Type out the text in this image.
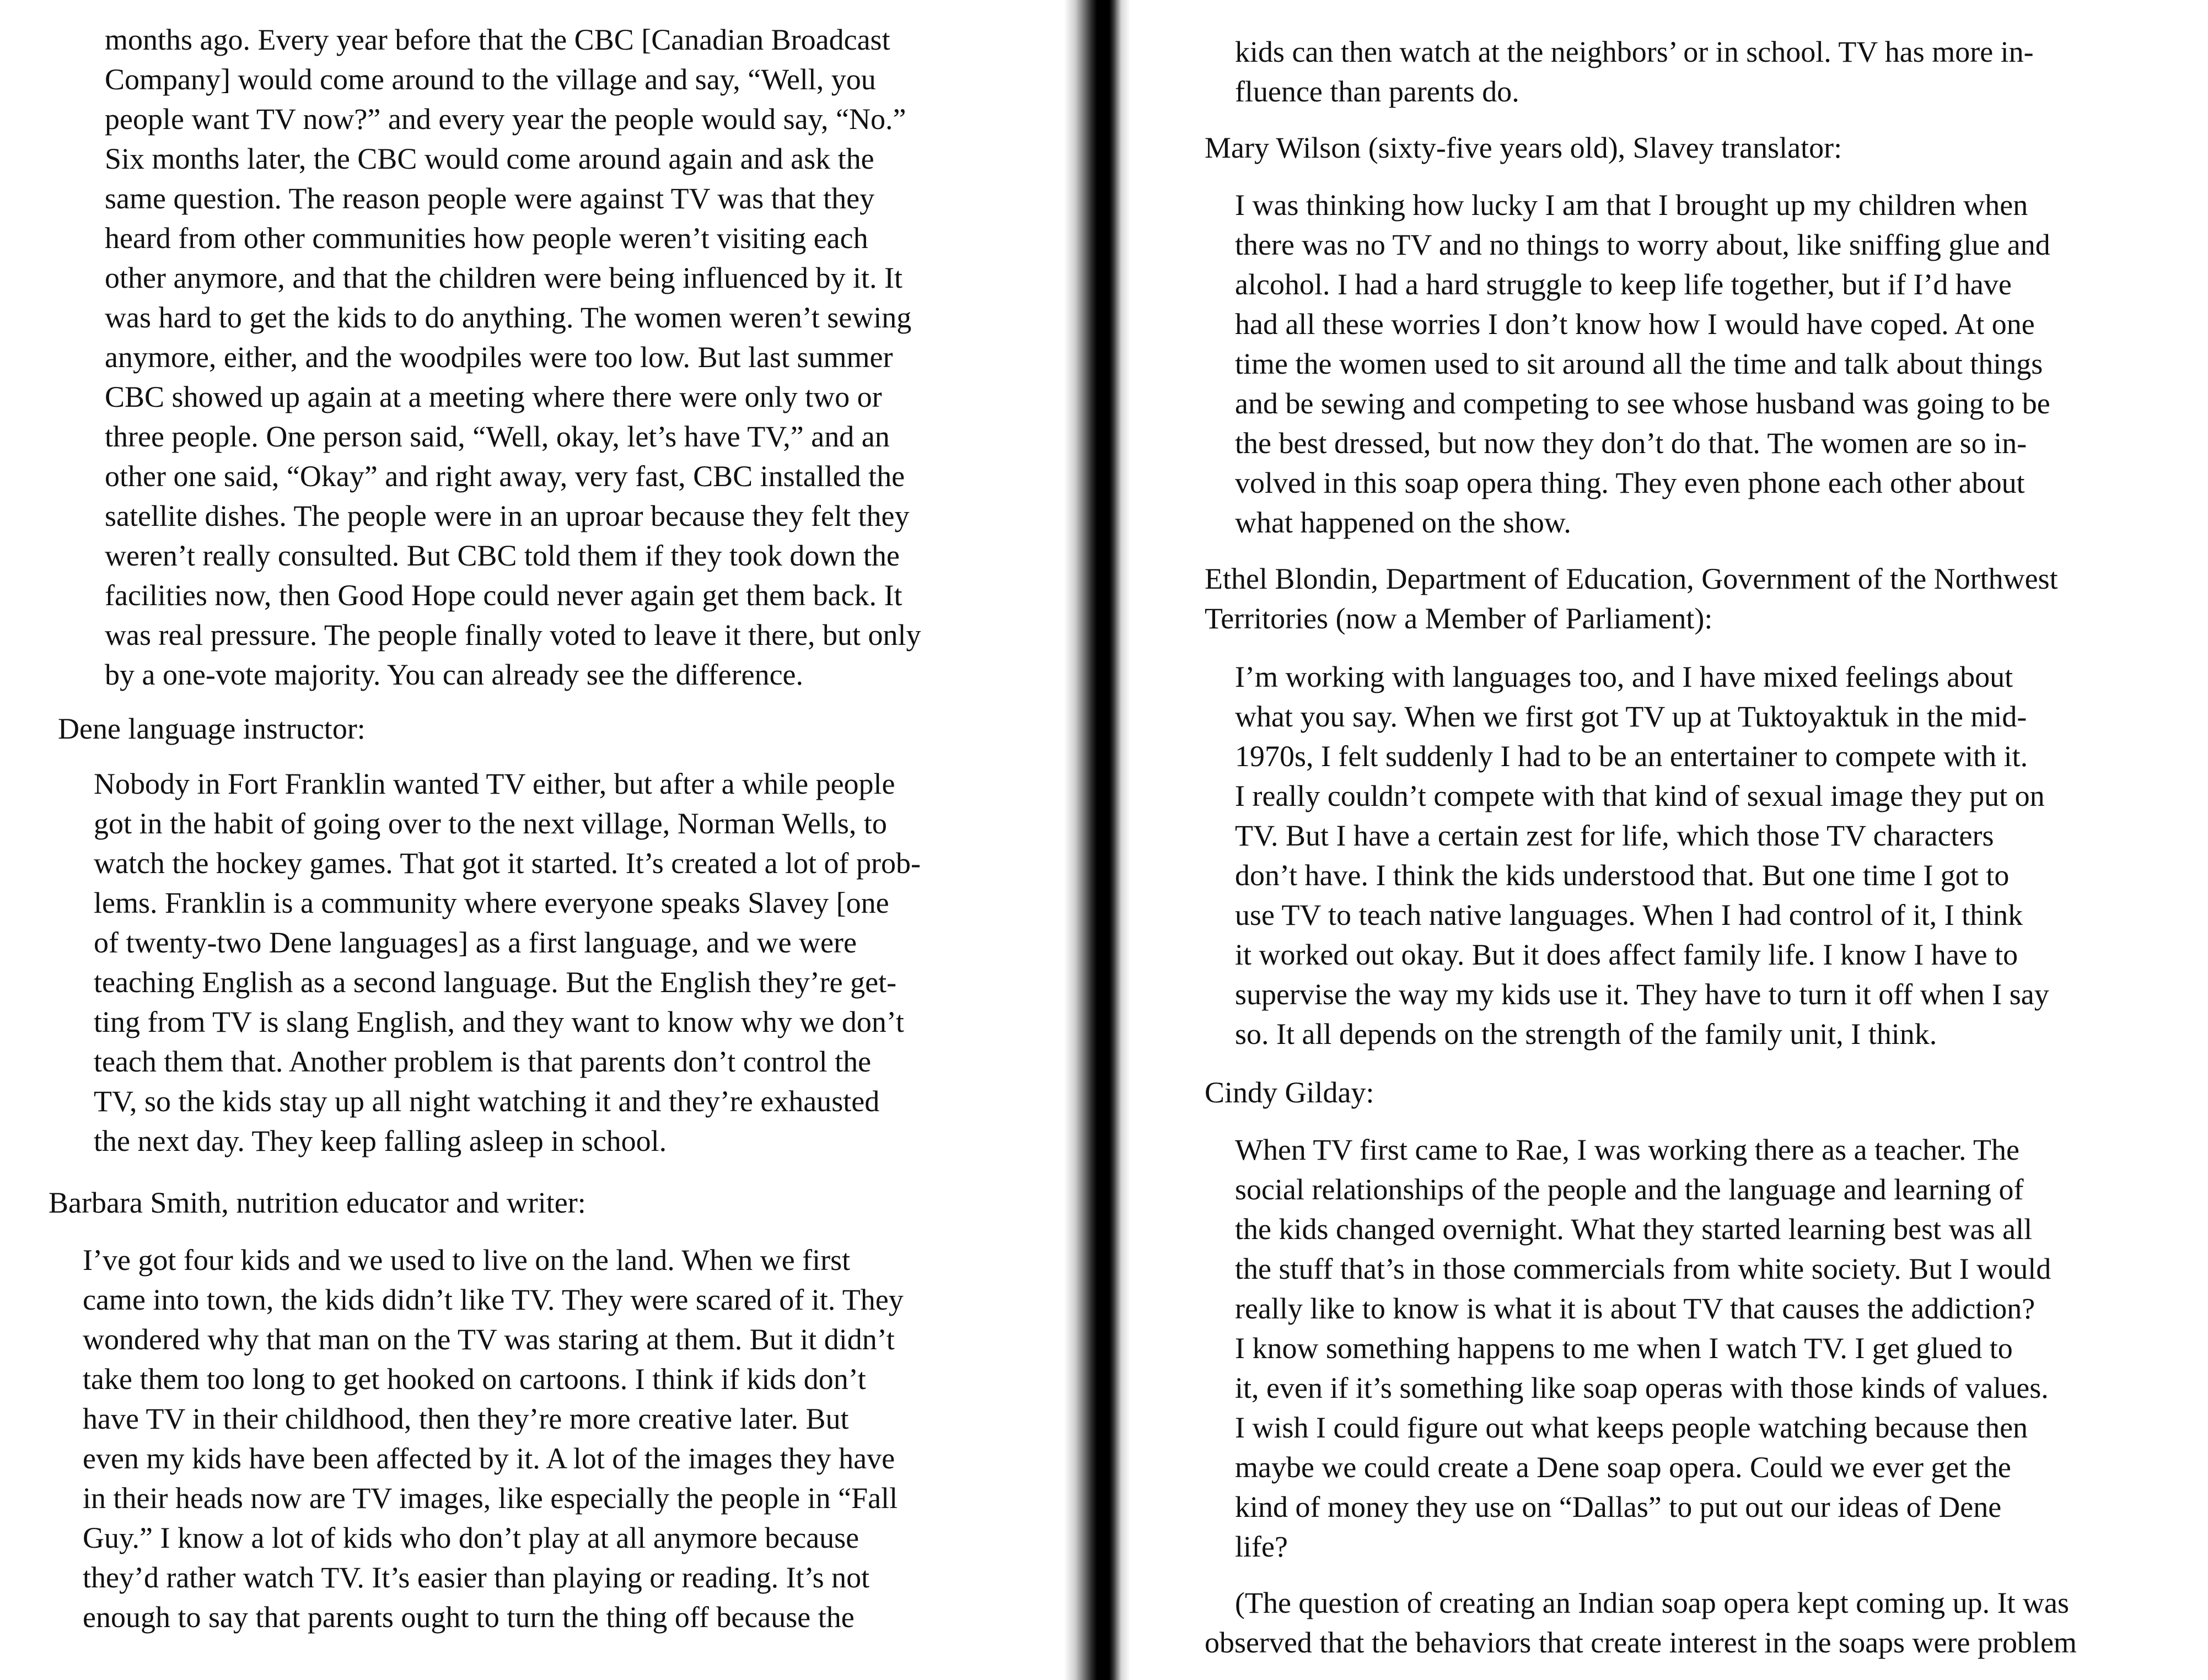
months ago. Every year before that the CBC [Canadian Broadcast
Company] would come around to the village and say, “Well, you
people want TV now?” and every year the people would say, “No.”
Six months later, the CBC would come around again and ask the
same question. The reason people were against TV was that they
heard from other communities how people weren’t visiting each
other anymore, and that the children were being influenced by it. It
was hard to get the kids to do anything. The women weren’t sewing
anymore, either, and the woodpiles were too low. But last summer
CBC showed up again at a meeting where there were only two or
three people. One person said, “Well, okay, let’s have TV,” and an
other one said, “Okay” and right away, very fast, CBC installed the
satellite dishes. The people were in an uproar because they felt they
weren’t really consulted. But CBC told them if they took down the
facilities now, then Good Hope could never again get them back. It
was real pressure. The people finally voted to leave it there, but only
by a one-vote majority. You can already see the difference.
Dene language instructor:
Nobody in Fort Franklin wanted TV either, but after a while people
got in the habit of going over to the next village, Norman Wells, to
watch the hockey games. That got it started. It’s created a lot of prob-
lems. Franklin is a community where everyone speaks Slavey [one
of twenty-two Dene languages] as a first language, and we were
teaching English as a second language. But the English they’re get-
ting from TV is slang English, and they want to know why we don’t
teach them that. Another problem is that parents don’t control the
TV, so the kids stay up all night watching it and they’re exhausted
the next day. They keep falling asleep in school.
Barbara Smith, nutrition educator and writer:
I’ve got four kids and we used to live on the land. When we first
came into town, the kids didn’t like TV. They were scared of it. They
wondered why that man on the TV was staring at them. But it didn’t
take them too long to get hooked on cartoons. I think if kids don’t
have TV in their childhood, then they’re more creative later. But
even my kids have been affected by it. A lot of the images they have
in their heads now are TV images, like especially the people in “Fall
Guy.” I know a lot of kids who don’t play at all anymore because
they’d rather watch TV. It’s easier than playing or reading. It’s not
enough to say that parents ought to turn the thing off because the
kids can then watch at the neighbors’ or in school. TV has more in-
fluence than parents do.
Mary Wilson (sixty-five years old), Slavey translator:
I was thinking how lucky I am that I brought up my children when
there was no TV and no things to worry about, like sniffing glue and
alcohol. I had a hard struggle to keep life together, but if I’d have
had all these worries I don’t know how I would have coped. At one
time the women used to sit around all the time and talk about things
and be sewing and competing to see whose husband was going to be
the best dressed, but now they don’t do that. The women are so in-
volved in this soap opera thing. They even phone each other about
what happened on the show.
Ethel Blondin, Department of Education, Government of the Northwest
Territories (now a Member of Parliament):
I’m working with languages too, and I have mixed feelings about
what you say. When we first got TV up at Tuktoyaktuk in the mid-
1970s, I felt suddenly I had to be an entertainer to compete with it.
I really couldn’t compete with that kind of sexual image they put on
TV. But I have a certain zest for life, which those TV characters
don’t have. I think the kids understood that. But one time I got to
use TV to teach native languages. When I had control of it, I think
it worked out okay. But it does affect family life. I know I have to
supervise the way my kids use it. They have to turn it off when I say
so. It all depends on the strength of the family unit, I think.
Cindy Gilday:
When TV first came to Rae, I was working there as a teacher. The
social relationships of the people and the language and learning of
the kids changed overnight. What they started learning best was all
the stuff that’s in those commercials from white society. But I would
really like to know is what it is about TV that causes the addiction?
I know something happens to me when I watch TV. I get glued to
it, even if it’s something like soap operas with those kinds of values.
I wish I could figure out what keeps people watching because then
maybe we could create a Dene soap opera. Could we ever get the
kind of money they use on “Dallas” to put out our ideas of Dene
life?
(The question of creating an Indian soap opera kept coming up. It was
observed that the behaviors that create interest in the soaps were problem
